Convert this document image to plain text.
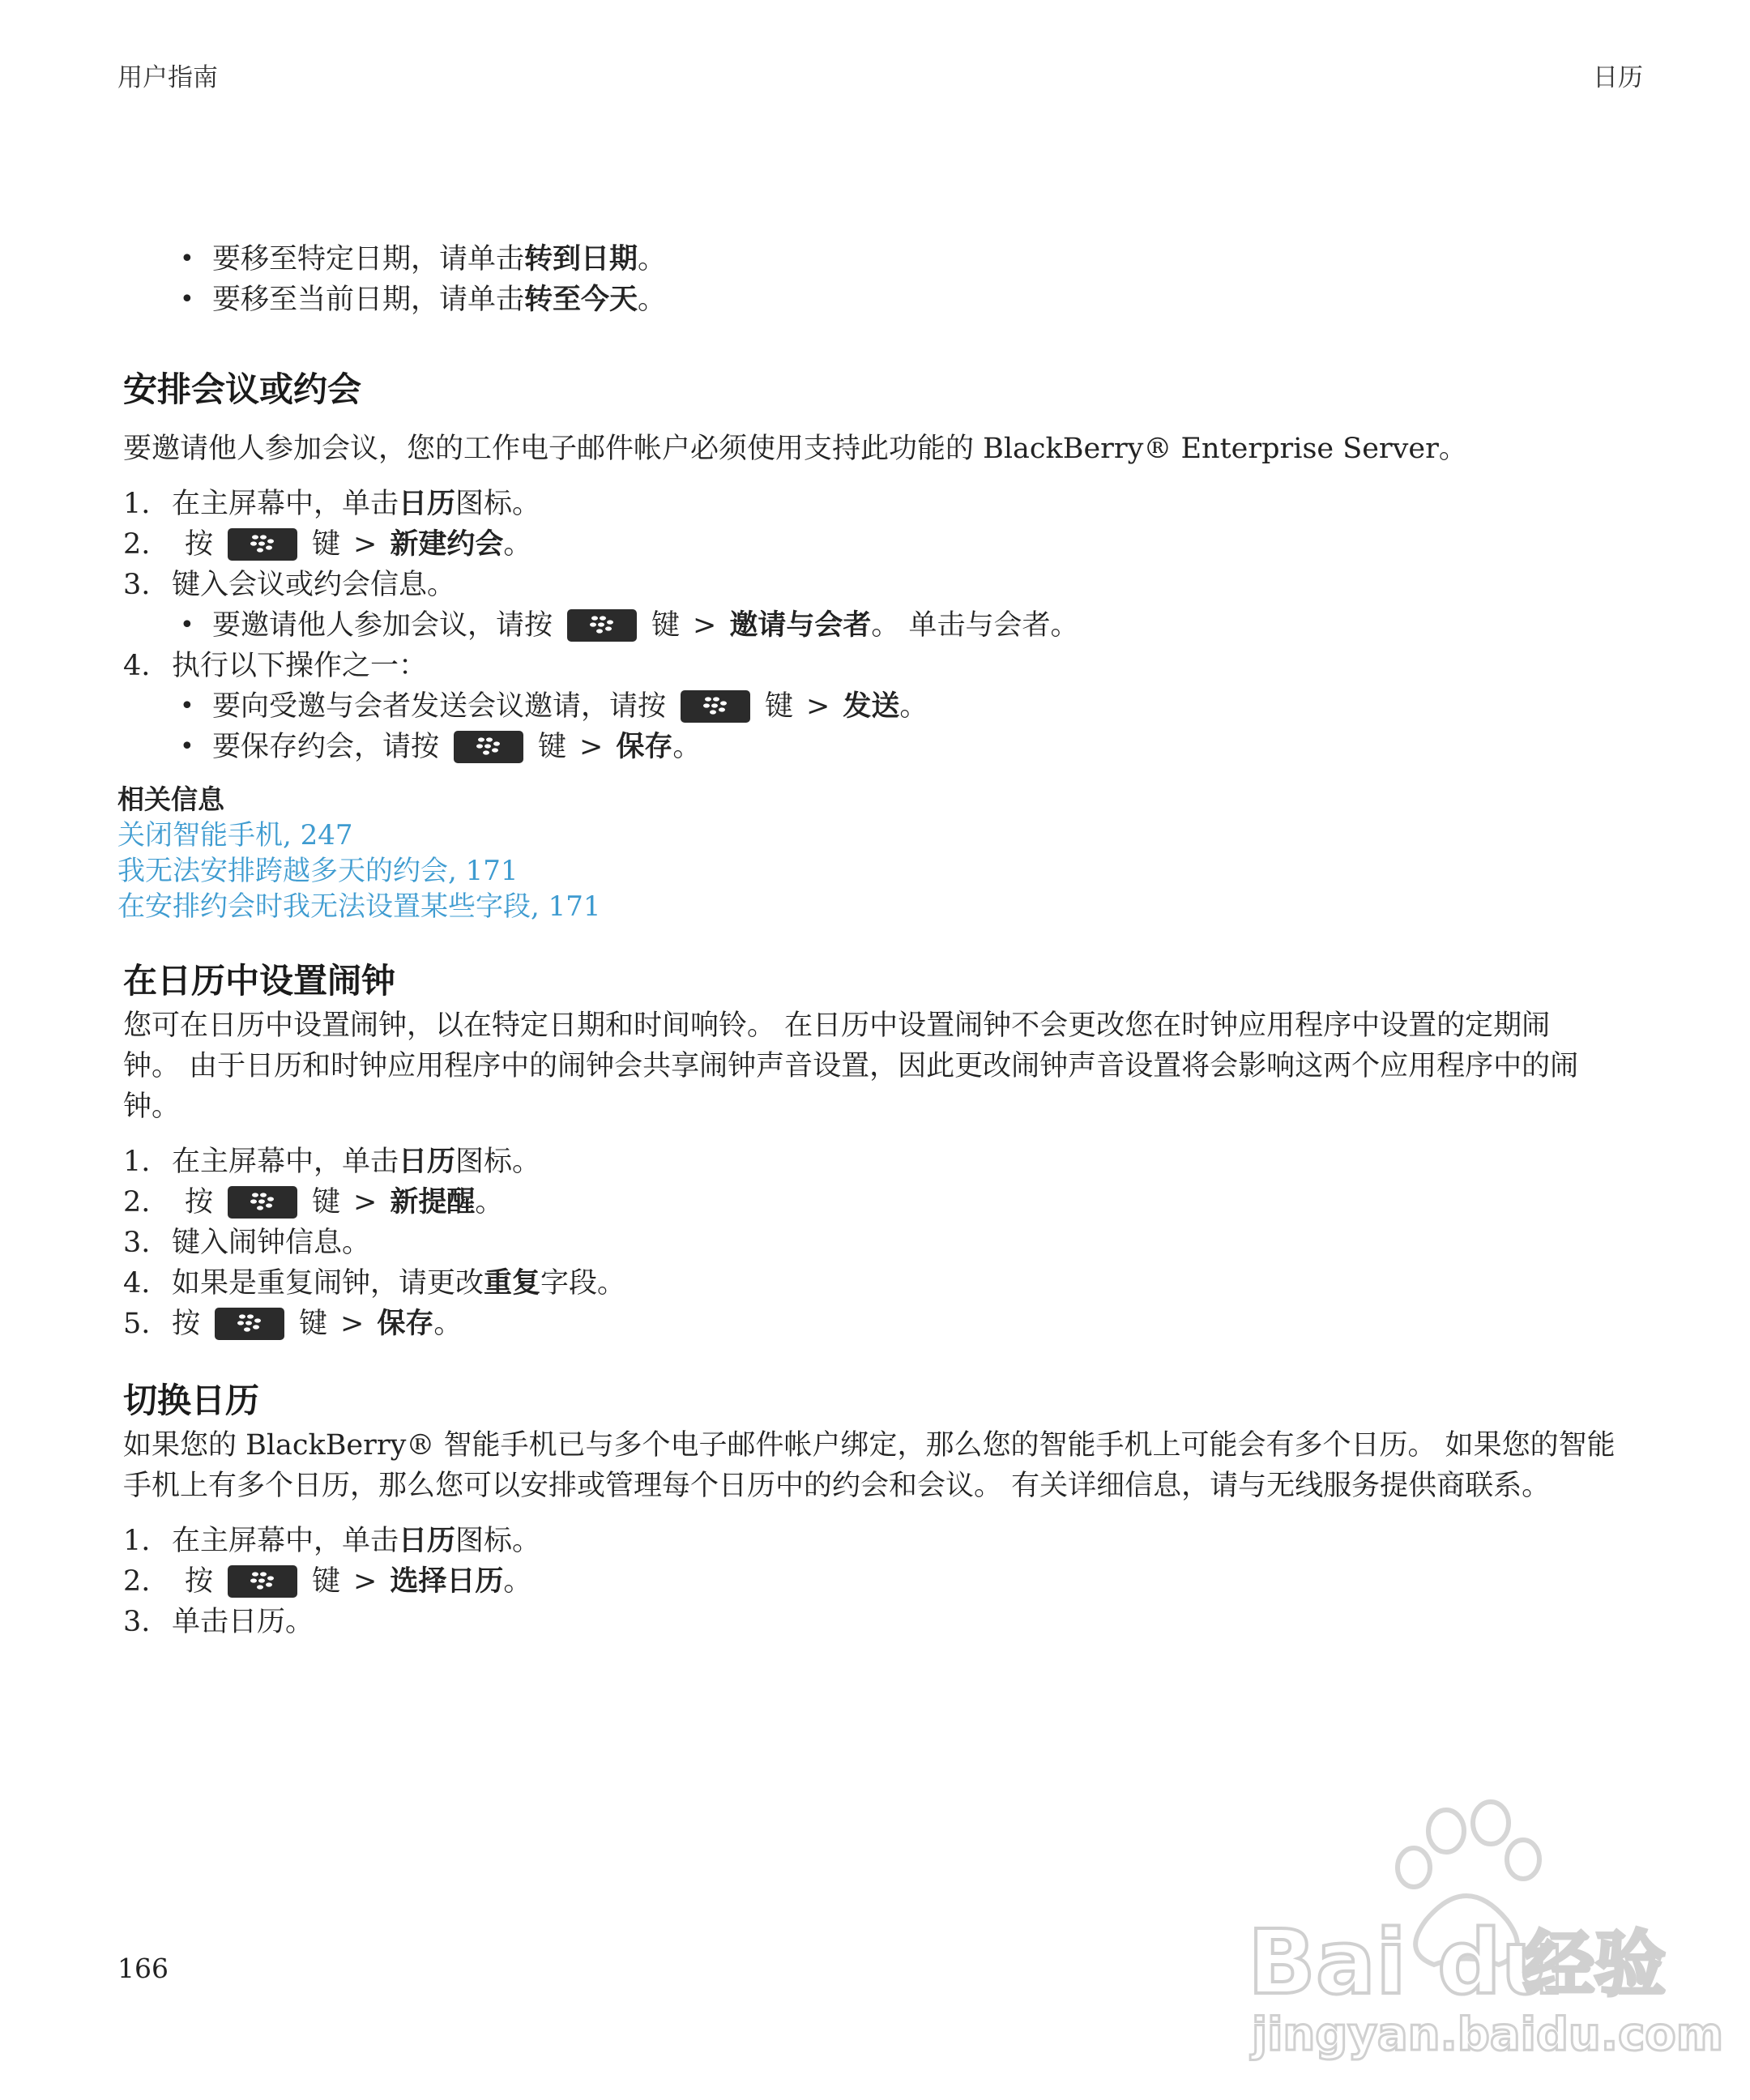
用户指南	日历
• 要移至特定日期，请单击 转到日期 。
• 要移至当前日期，请单击 转至今天 。
安排会议或约会
要邀请他人参加会议，您的工作电子邮件帐户必须使用支持此功能的 BlackBerry® Enterprise Server。
1. 在主屏幕中，单击 日历 图标。
2.	按	键 > 新建约会 。
3. 键入会议或约会信息。
• 要邀请他人参加会议，请按	键 > 邀请与会者 。 单击与会者。
4. 执行以下操作之一：
• 要向受邀与会者发送会议邀请，请按	键 > 发送 。
• 要保存约会，请按	键 > 保存 。
相关信息
关闭智能手机, 247
我无法安排跨越多天的约会, 171
在安排约会时我无法设置某些字段, 171
在日历中设置闹钟
您可在日历中设置闹钟，以在特定日期和时间响铃。 在日历中设置闹钟不会更改您在时钟应用程序中设置的定期闹
钟。 由于日历和时钟应用程序中的闹钟会共享闹钟声音设置，因此更改闹钟声音设置将会影响这两个应用程序中的闹
钟。
1. 在主屏幕中，单击 日历 图标。
2.	按	键 > 新提醒 。
3. 键入闹钟信息。
4. 如果是重复闹钟，请更改 重复 字段。
5. 按	键 > 保存 。
切换日历
如果您的 BlackBerry® 智能手机已与多个电子邮件帐户绑定，那么您的智能手机上可能会有多个日历。 如果您的智能
手机上有多个日历，那么您可以安排或管理每个日历中的约会和会议。 有关详细信息，请与无线服务提供商联系。
1. 在主屏幕中，单击 日历 图标。
2.	按	键 > 选择日历 。
3. 单击日历。
166	Bai du
经验
jingyan.baidu.com
